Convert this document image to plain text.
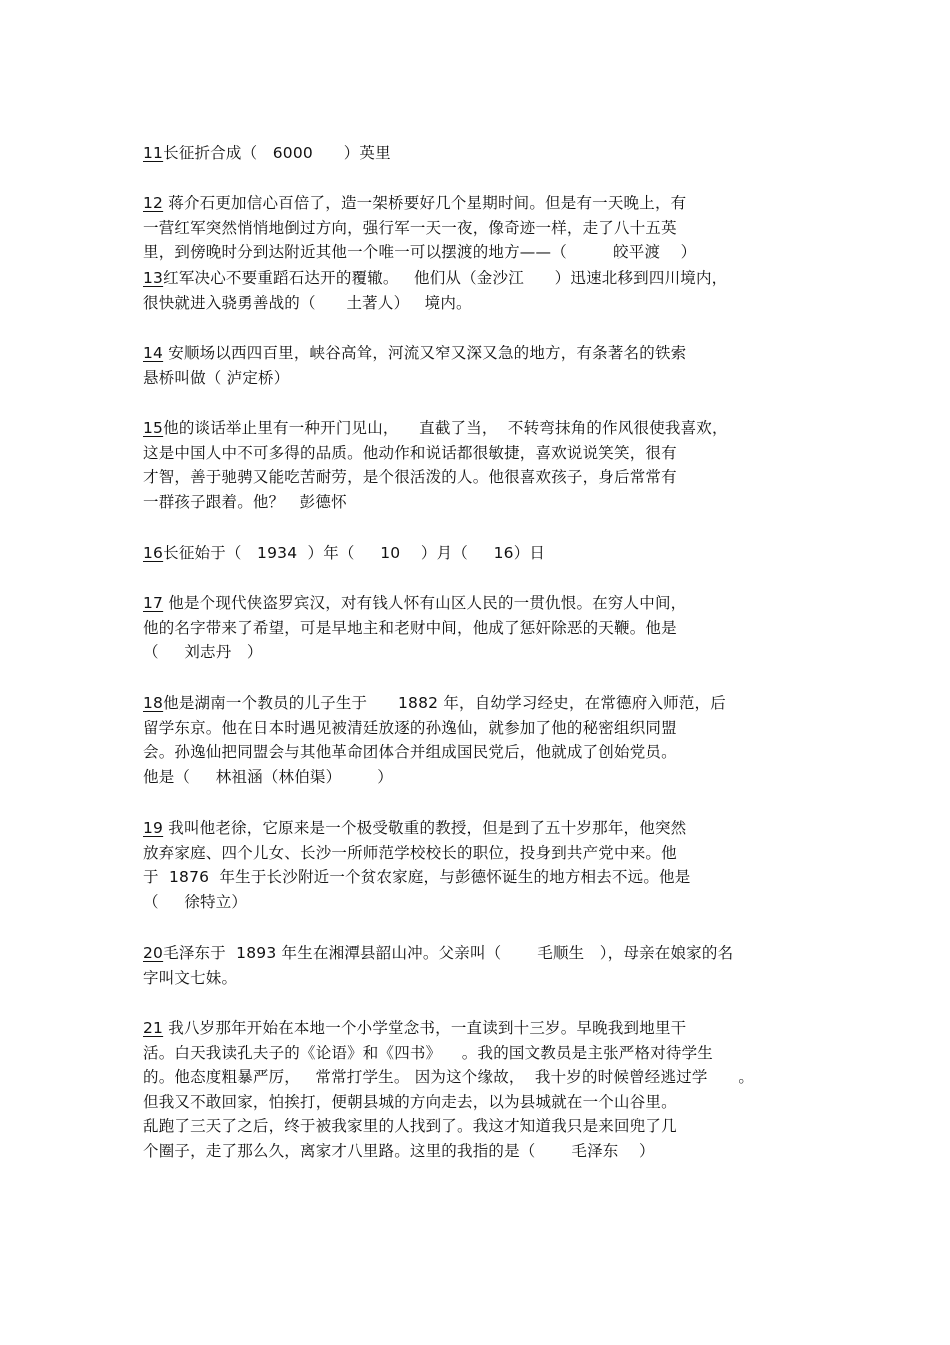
11长征折合成（   6000      ）英里
12 蒋介石更加信心百倍了，造一架桥要好几个星期时间。但是有一天晚上，有
一营红军突然悄悄地倒过方向，强行军一天一夜，像奇迹一样，走了八十五英
里，到傍晚时分到达附近其他一个唯一可以摆渡的地方——（         皎平渡    ）
13红军决心不要重蹈石达开的覆辙。   他们从（金沙江      ）迅速北移到四川境内，
很快就进入骁勇善战的（      土著人）   境内。
14 安顺场以西四百里，峡谷高耸，河流又窄又深又急的地方，有条著名的铁索
悬桥叫做（ 泸定桥）
15他的谈话举止里有一种开门见山，    直截了当，  不转弯抹角的作风很使我喜欢，
这是中国人中不可多得的品质。他动作和说话都很敏捷，喜欢说说笑笑，很有
才智，善于驰骋又能吃苦耐劳，是个很活泼的人。他很喜欢孩子，身后常常有
一群孩子跟着。他？   彭德怀
16长征始于（   1934  ）年（     10    ）月（     16）日
17 他是个现代侠盗罗宾汉，对有钱人怀有山区人民的一贯仇恨。在穷人中间，
他的名字带来了希望，可是早地主和老财中间，他成了惩奸除恶的天鞭。他是
（     刘志丹   ）
18他是湖南一个教员的儿子生于      1882 年，自幼学习经史，在常德府入师范，后
留学东京。他在日本时遇见被清廷放逐的孙逸仙，就参加了他的秘密组织同盟
会。孙逸仙把同盟会与其他革命团体合并组成国民党后，他就成了创始党员。
他是（     林祖涵（林伯渠）       ）
19 我叫他老徐，它原来是一个极受敬重的教授，但是到了五十岁那年，他突然
放弃家庭、四个儿女、长沙一所师范学校校长的职位，投身到共产党中来。他
于  1876  年生于长沙附近一个贫农家庭，与彭德怀诞生的地方相去不远。他是
（     徐特立）
20毛泽东于  1893 年生在湘潭县韶山冲。父亲叫（       毛顺生   ），母亲在娘家的名
字叫文七妹。
21 我八岁那年开始在本地一个小学堂念书，一直读到十三岁。早晚我到地里干
活。白天我读孔夫子的《论语》和《四书》    。我的国文教员是主张严格对待学生
的。他态度粗暴严厉，   常常打学生。 因为这个缘故，  我十岁的时候曾经逃过学      。
但我又不敢回家，怕挨打，便朝县城的方向走去，以为县城就在一个山谷里。
乱跑了三天了之后，终于被我家里的人找到了。我这才知道我只是来回兜了几
个圈子，走了那么久，离家才八里路。这里的我指的是（       毛泽东    ）
